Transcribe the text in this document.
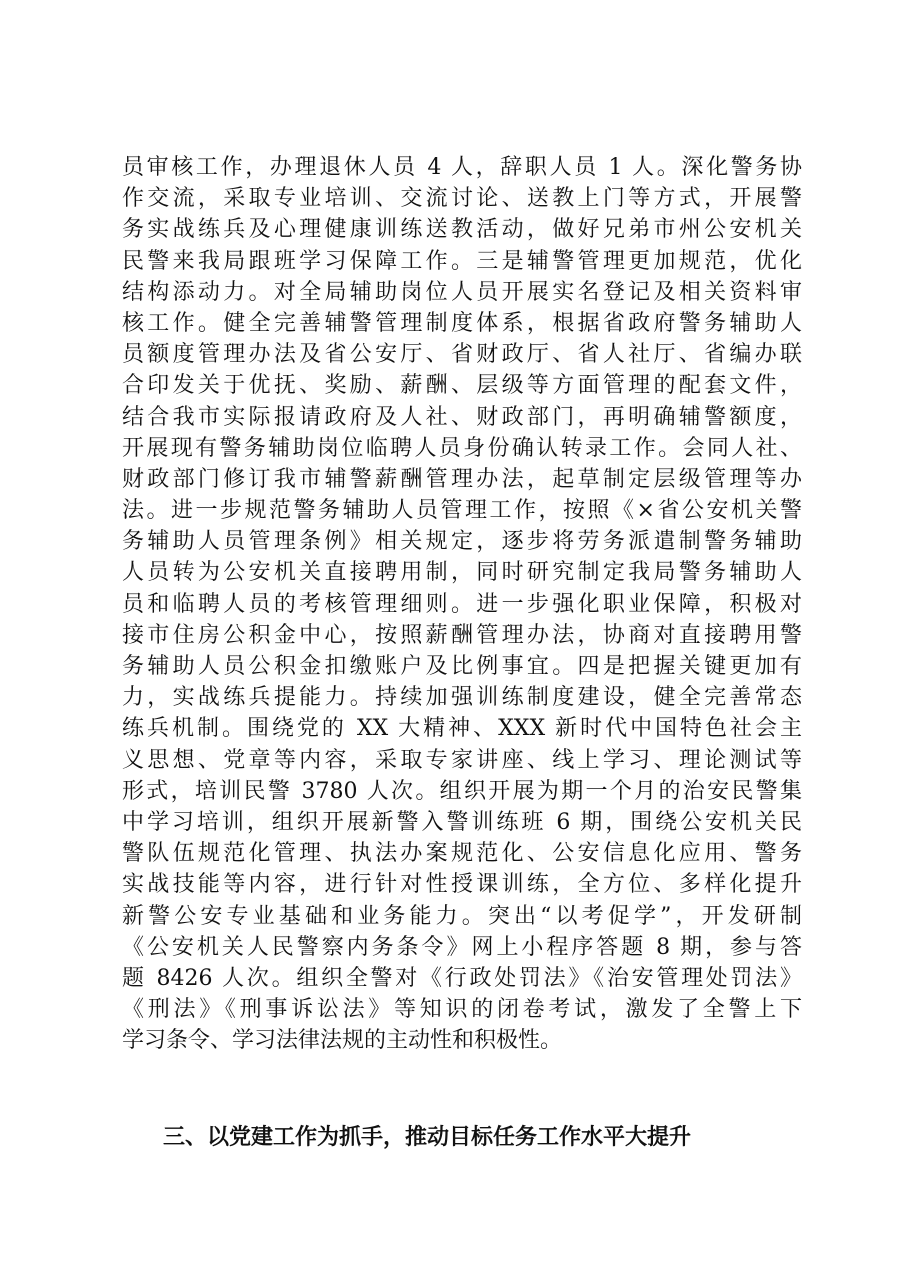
员审核工作，办理退休人员 4 人，辞职人员 1 人。深化警务协
作交流，采取专业培训、交流讨论、送教上门等方式，开展警
务实战练兵及心理健康训练送教活动，做好兄弟市州公安机关
民警来我局跟班学习保障工作。三是辅警管理更加规范，优化
结构添动力。对全局辅助岗位人员开展实名登记及相关资料审
核工作。健全完善辅警管理制度体系，根据省政府警务辅助人
员额度管理办法及省公安厅、省财政厅、省人社厅、省编办联
合印发关于优抚、奖励、薪酬、层级等方面管理的配套文件，
结合我市实际报请政府及人社、财政部门，再明确辅警额度，
开展现有警务辅助岗位临聘人员身份确认转录工作。会同人社、
财政部门修订我市辅警薪酬管理办法，起草制定层级管理等办
法。进一步规范警务辅助人员管理工作，按照《×省公安机关警
务辅助人员管理条例》相关规定，逐步将劳务派遣制警务辅助
人员转为公安机关直接聘用制，同时研究制定我局警务辅助人
员和临聘人员的考核管理细则。进一步强化职业保障，积极对
接市住房公积金中心，按照薪酬管理办法，协商对直接聘用警
务辅助人员公积金扣缴账户及比例事宜。四是把握关键更加有
力，实战练兵提能力。持续加强训练制度建设，健全完善常态
练兵机制。围绕党的 XX 大精神、XXX 新时代中国特色社会主
义思想、党章等内容，采取专家讲座、线上学习、理论测试等
形式，培训民警 3780 人次。组织开展为期一个月的治安民警集
中学习培训，组织开展新警入警训练班 6 期，围绕公安机关民
警队伍规范化管理、执法办案规范化、公安信息化应用、警务
实战技能等内容，进行针对性授课训练，全方位、多样化提升
新警公安专业基础和业务能力。突出“以考促学”，开发研制
《公安机关人民警察内务条令》网上小程序答题 8 期，参与答
题 8426 人次。组织全警对《行政处罚法》《治安管理处罚法》
《刑法》《刑事诉讼法》等知识的闭卷考试，激发了全警上下
学习条令、学习法律法规的主动性和积极性。
三、以党建工作为抓手，推动目标任务工作水平大提升
